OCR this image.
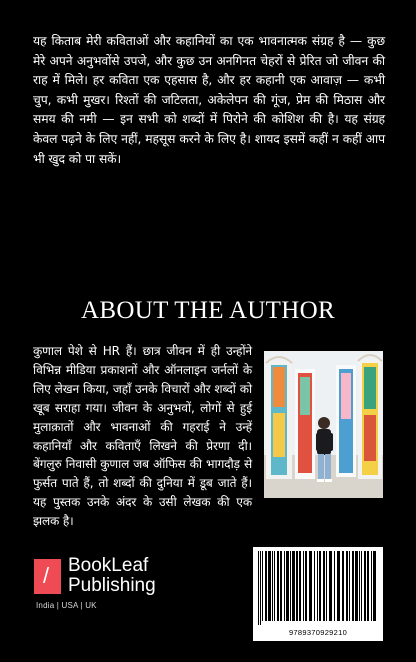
यह किताब मेरी कविताओं और कहानियों का एक भावनात्मक संग्रह है — कुछ मेरे अपने अनुभवोंसे उपजे, और कुछ उन अनगिनत चेहरों से प्रेरित जो जीवन की राह में मिले। हर कविता एक एहसास है, और हर कहानी एक आवाज़ — कभी चुप, कभी मुखर। रिश्तों की जटिलता, अकेलेपन की गूंज, प्रेम की मिठास और समय की नमी — इन सभी को शब्दों में पिरोने की कोशिश की है। यह संग्रह केवल पढ़ने के लिए नहीं, महसूस करने के लिए है। शायद इसमें कहीं न कहीं आप भी खुद को पा सकें।
ABOUT THE AUTHOR
कुणाल पेशे से HR हैं। छात्र जीवन में ही उन्होंने विभिन्न मीडिया प्रकाशनों और ऑनलाइन जर्नलों के लिए लेखन किया, जहाँ उनके विचारों और शब्दों को खूब सराहा गया। जीवन के अनुभवों, लोगों से हुई मुलाक़ातों और भावनाओं की गहराई ने उन्हें कहानियाँ और कविताएँ लिखने की प्रेरणा दी। बेंगलुरु निवासी कुणाल जब ऑफिस की भागदौड़ से फुर्सत पाते हैं, तो शब्दों की दुनिया में डूब जाते हैं। यह पुस्तक उनके अंदर के उसी लेखक की एक झलक है।
/ BookLeaf
Publishing
India | USA | UK
9789370929210
